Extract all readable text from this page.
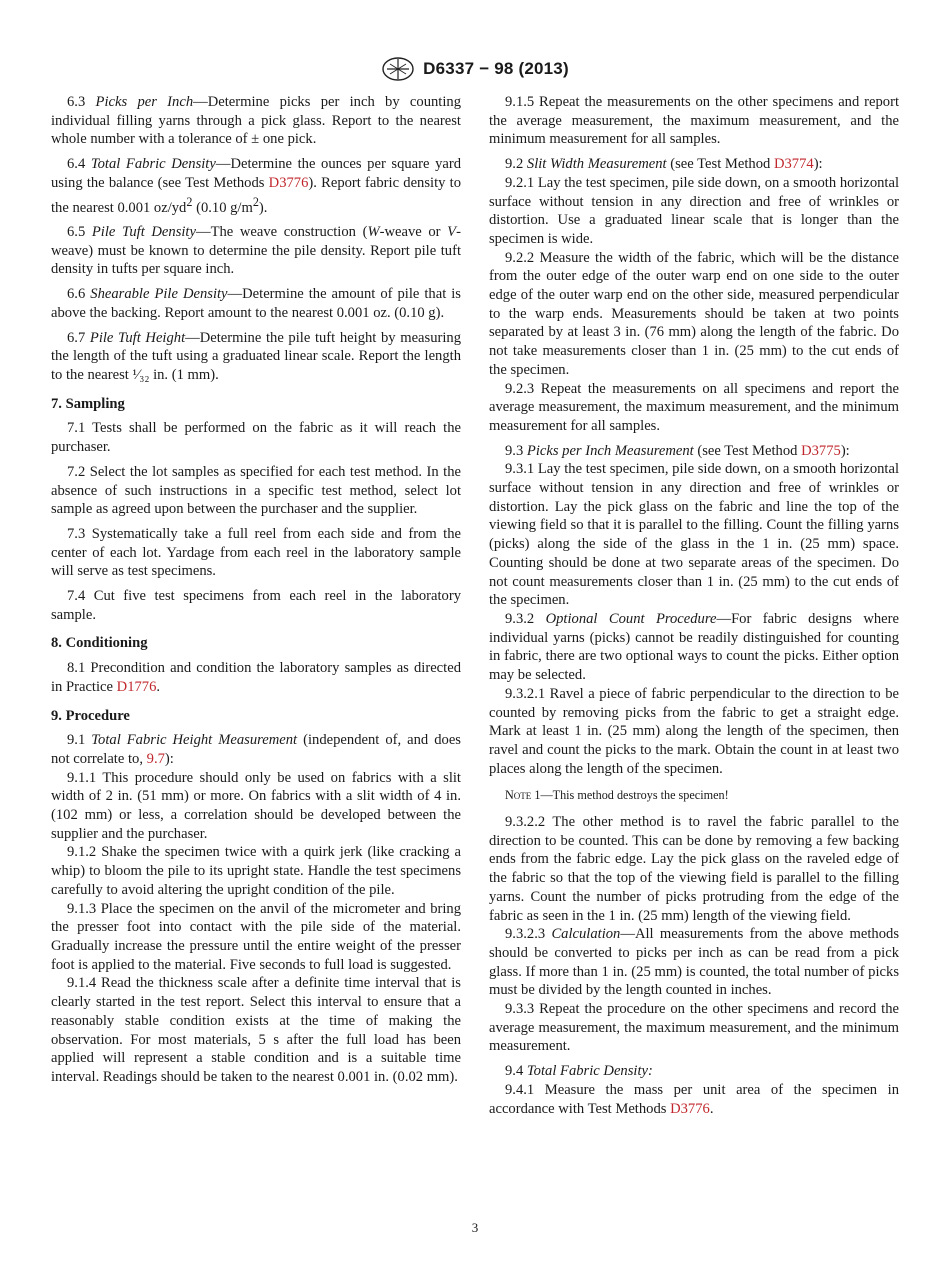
D6337 − 98 (2013)

6.3 Picks per Inch—Determine picks per inch by counting individual filling yarns through a pick glass. Report to the nearest whole number with a tolerance of ± one pick.

6.4 Total Fabric Density—Determine the ounces per square yard using the balance (see Test Methods D3776). Report fabric density to the nearest 0.001 $oz/yd^2$ (0.10 $g/m^2$).

6.5 Pile Tuft Density—The weave construction (W-weave or V-weave) must be known to determine the pile density. Report pile tuft density in tufts per square inch.

6.6 Shearable Pile Density—Determine the amount of pile that is above the backing. Report amount to the nearest 0.001 oz. (0.10 g).

6.7 Pile Tuft Height—Determine the pile tuft height by measuring the length of the tuft using a graduated linear scale. Report the length to the nearest ¹⁄₃₂ in. (1 mm).

7. Sampling

7.1 Tests shall be performed on the fabric as it will reach the purchaser.

7.2 Select the lot samples as specified for each test method. In the absence of such instructions in a specific test method, select lot sample as agreed upon between the purchaser and the supplier.

7.3 Systematically take a full reel from each side and from the center of each lot. Yardage from each reel in the laboratory sample will serve as test specimens.

7.4 Cut five test specimens from each reel in the laboratory sample.

8. Conditioning

8.1 Precondition and condition the laboratory samples as directed in Practice D1776.

9. Procedure

9.1 Total Fabric Height Measurement (independent of, and does not correlate to, 9.7):

9.1.1 This procedure should only be used on fabrics with a slit width of 2 in. (51 mm) or more. On fabrics with a slit width of 4 in. (102 mm) or less, a correlation should be developed between the supplier and the purchaser.

9.1.2 Shake the specimen twice with a quirk jerk (like cracking a whip) to bloom the pile to its upright state. Handle the test specimens carefully to avoid altering the upright condition of the pile.

9.1.3 Place the specimen on the anvil of the micrometer and bring the presser foot into contact with the pile side of the material. Gradually increase the pressure until the entire weight of the presser foot is applied to the material. Five seconds to full load is suggested.

9.1.4 Read the thickness scale after a definite time interval that is clearly started in the test report. Select this interval to ensure that a reasonably stable condition exists at the time of making the observation. For most materials, 5 s after the full load has been applied will represent a stable condition and is a suitable time interval. Readings should be taken to the nearest 0.001 in. (0.02 mm).

9.1.5 Repeat the measurements on the other specimens and report the average measurement, the maximum measurement, and the minimum measurement for all samples.

9.2 Slit Width Measurement (see Test Method D3774):

9.2.1 Lay the test specimen, pile side down, on a smooth horizontal surface without tension in any direction and free of wrinkles or distortion. Use a graduated linear scale that is longer than the specimen is wide.

9.2.2 Measure the width of the fabric, which will be the distance from the outer edge of the outer warp end on one side to the outer edge of the outer warp end on the other side, measured perpendicular to the warp ends. Measurements should be taken at two points separated by at least 3 in. (76 mm) along the length of the fabric. Do not take measurements closer than 1 in. (25 mm) to the cut ends of the specimen.

9.2.3 Repeat the measurements on all specimens and report the average measurement, the maximum measurement, and the minimum measurement for all samples.

9.3 Picks per Inch Measurement (see Test Method D3775):

9.3.1 Lay the test specimen, pile side down, on a smooth horizontal surface without tension in any direction and free of wrinkles or distortion. Lay the pick glass on the fabric and line the top of the viewing field so that it is parallel to the filling. Count the filling yarns (picks) along the side of the glass in the 1 in. (25 mm) space. Counting should be done at two separate areas of the specimen. Do not count measurements closer than 1 in. (25 mm) to the cut ends of the specimen.

9.3.2 Optional Count Procedure—For fabric designs where individual yarns (picks) cannot be readily distinguished for counting in fabric, there are two optional ways to count the picks. Either option may be selected.

9.3.2.1 Ravel a piece of fabric perpendicular to the direction to be counted by removing picks from the fabric to get a straight edge. Mark at least 1 in. (25 mm) along the length of the specimen, then ravel and count the picks to the mark. Obtain the count in at least two places along the length of the specimen.

Note 1—This method destroys the specimen!

9.3.2.2 The other method is to ravel the fabric parallel to the direction to be counted. This can be done by removing a few backing ends from the fabric edge. Lay the pick glass on the raveled edge of the fabric so that the top of the viewing field is parallel to the filling yarns. Count the number of picks protruding from the edge of the fabric as seen in the 1 in. (25 mm) length of the viewing field.

9.3.2.3 Calculation—All measurements from the above methods should be converted to picks per inch as can be read from a pick glass. If more than 1 in. (25 mm) is counted, the total number of picks must be divided by the length counted in inches.

9.3.3 Repeat the procedure on the other specimens and record the average measurement, the maximum measurement, and the minimum measurement.

9.4 Total Fabric Density:

9.4.1 Measure the mass per unit area of the specimen in accordance with Test Methods D3776.

3
